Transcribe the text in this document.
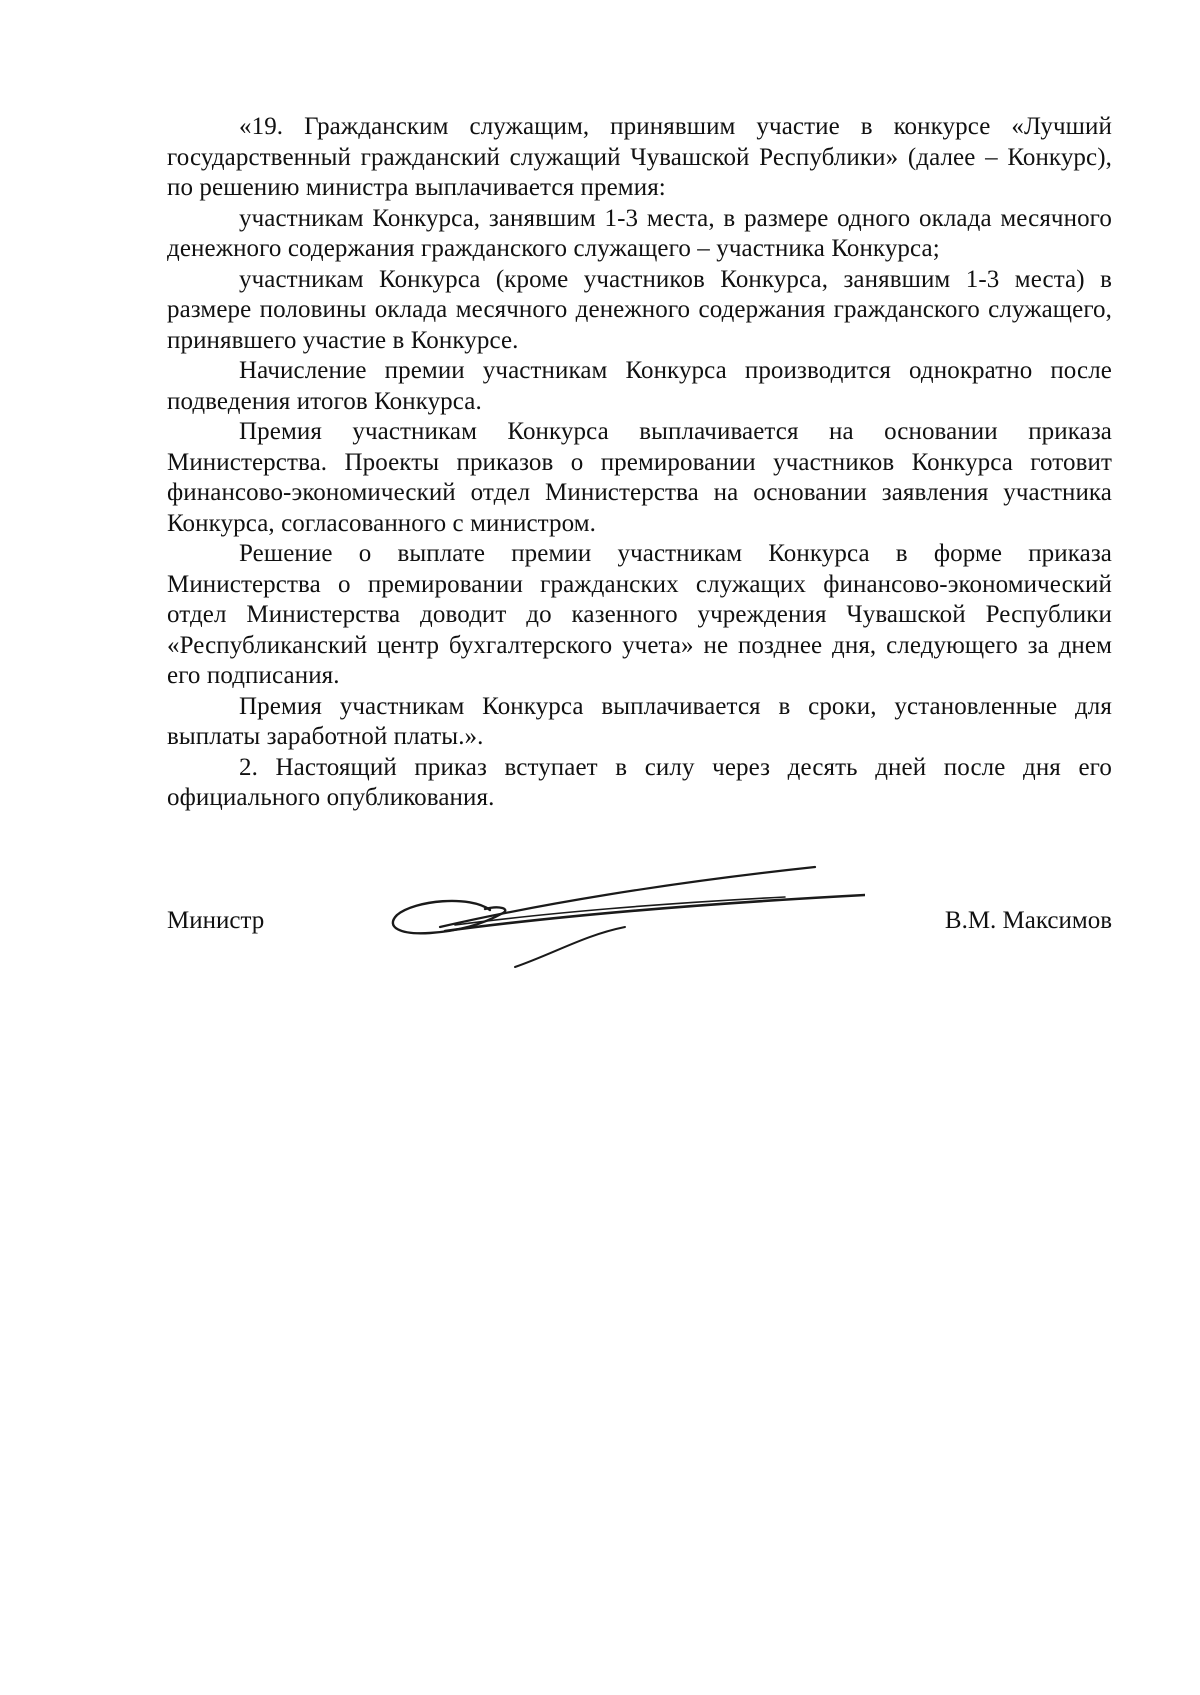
«19. Гражданским служащим, принявшим участие в конкурсе «Лучший государственный гражданский служащий Чувашской Республики» (далее – Конкурс), по решению министра выплачивается премия:

участникам Конкурса, занявшим 1-3 места, в размере одного оклада месячного денежного содержания гражданского служащего – участника Конкурса;

участникам Конкурса (кроме участников Конкурса, занявшим 1-3 места) в размере половины оклада месячного денежного содержания гражданского служащего, принявшего участие в Конкурсе.

Начисление премии участникам Конкурса производится однократно после подведения итогов Конкурса.

Премия участникам Конкурса выплачивается на основании приказа Министерства. Проекты приказов о премировании участников Конкурса готовит финансово-экономический отдел Министерства на основании заявления участника Конкурса, согласованного с министром.

Решение о выплате премии участникам Конкурса в форме приказа Министерства о премировании гражданских служащих финансово-экономический отдел Министерства доводит до казенного учреждения Чувашской Республики «Республиканский центр бухгалтерского учета» не позднее дня, следующего за днем его подписания.

Премия участникам Конкурса выплачивается в сроки, установленные для выплаты заработной платы.».

2. Настоящий приказ вступает в силу через десять дней после дня его официального опубликования.

Министр	В.М. Максимов
